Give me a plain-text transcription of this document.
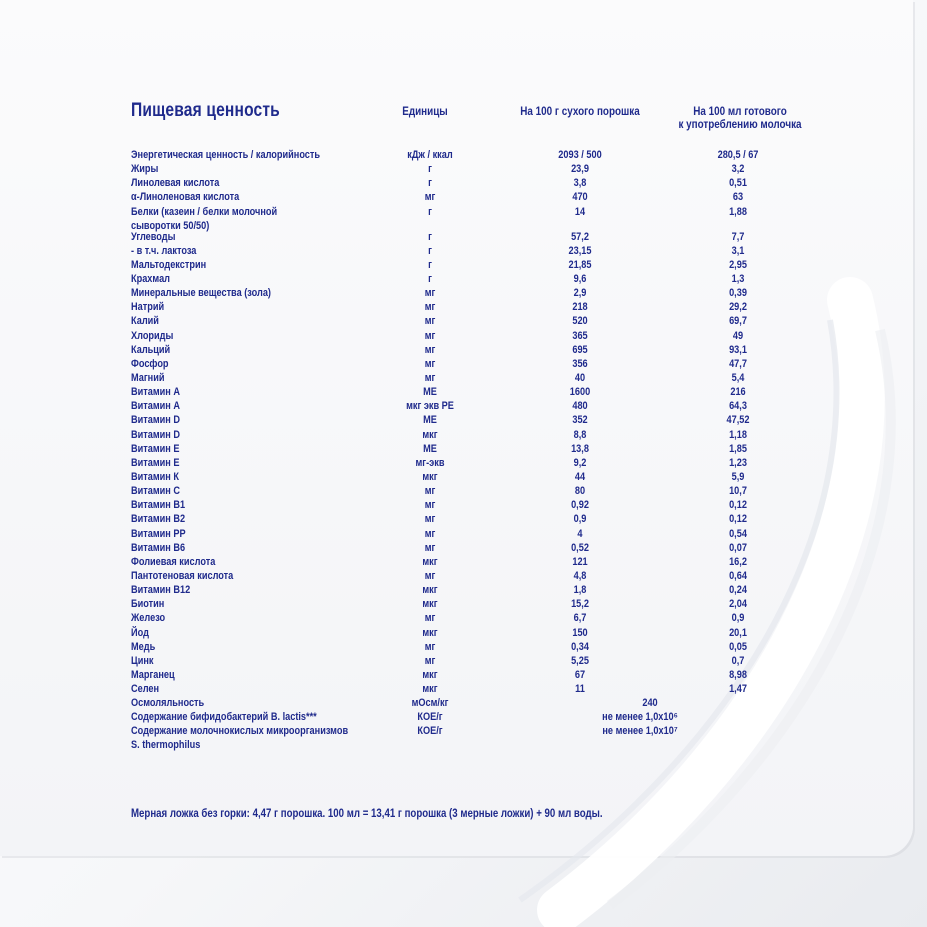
Пищевая ценность	Единицы	На 100 г сухого порошка	На 100 мл готового
к употреблению молочка
Энергетическая ценность / калорийность	кДж / ккал	2093 / 500	280,5 / 67
Жиры	г	23,9	3,2
Линолевая кислота	г	3,8	0,51
α-Линоленовая кислота	мг	470	63
Белки (казеин / белки молочной
сыворотки 50/50)
г	14	1,88
Углеводы	г	57,2	7,7
- в т.ч. лактоза	г	23,15	3,1
Мальтодекстрин	г	21,85	2,95
Крахмал	г	9,6	1,3
Минеральные вещества (зола)	мг	2,9	0,39
Натрий	мг	218	29,2
Калий	мг	520	69,7
Хлориды	мг	365	49
Кальций	мг	695	93,1
Фосфор	мг	356	47,7
Магний	мг	40	5,4
Витамин А	МЕ	1600	216
Витамин А	мкг экв РЕ	480	64,3
Витамин D	МЕ	352	47,52
Витамин D	мкг	8,8	1,18
Витамин Е	МЕ	13,8	1,85
Витамин Е	мг-экв	9,2	1,23
Витамин К	мкг	44	5,9
Витамин С	мг	80	10,7
Витамин В1	мг	0,92	0,12
Витамин В2	мг	0,9	0,12
Витамин РР	мг	4	0,54
Витамин В6	мг	0,52	0,07
Фолиевая кислота	мкг	121	16,2
Пантотеновая кислота	мг	4,8	0,64
Витамин В12	мкг	1,8	0,24
Биотин	мкг	15,2	2,04
Железо	мг	6,7	0,9
Йод	мкг	150	20,1
Медь	мг	0,34	0,05
Цинк	мг	5,25	0,7
Марганец	мкг	67	8,98
Селен	мкг	11	1,47
Осмоляльность	мОсм/кг	240
Содержание бифидобактерий B. lactis***	КОЕ/г	не менее 1,0х10⁶
Содержание молочнокислых микроорганизмов
S. thermophilus
КОЕ/г	не менее 1,0х10⁷
Мерная ложка без горки: 4,47 г порошка. 100 мл = 13,41 г порошка (3 мерные ложки) + 90 мл воды.
